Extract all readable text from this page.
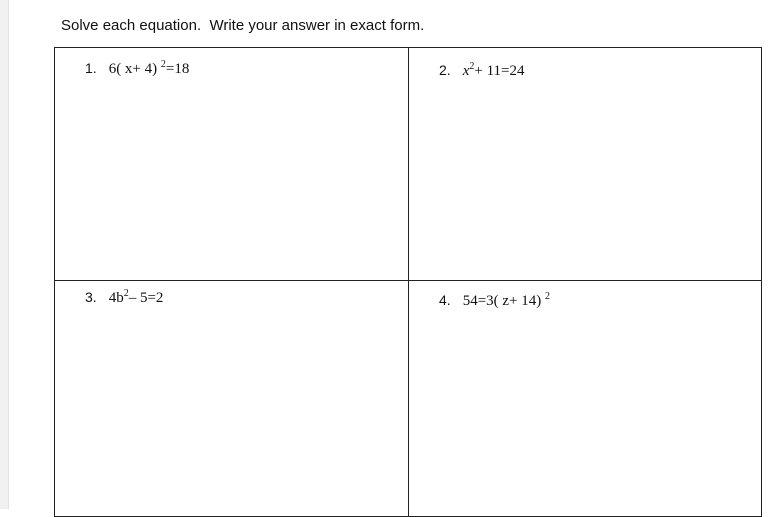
Solve each equation.  Write your answer in exact form.
1. 6( x+ 4) $^2$=18	2. $x^2+ 11=24$
3. $4b^2-$ 5=2	4. 54=3( z+ 14) $^2$
